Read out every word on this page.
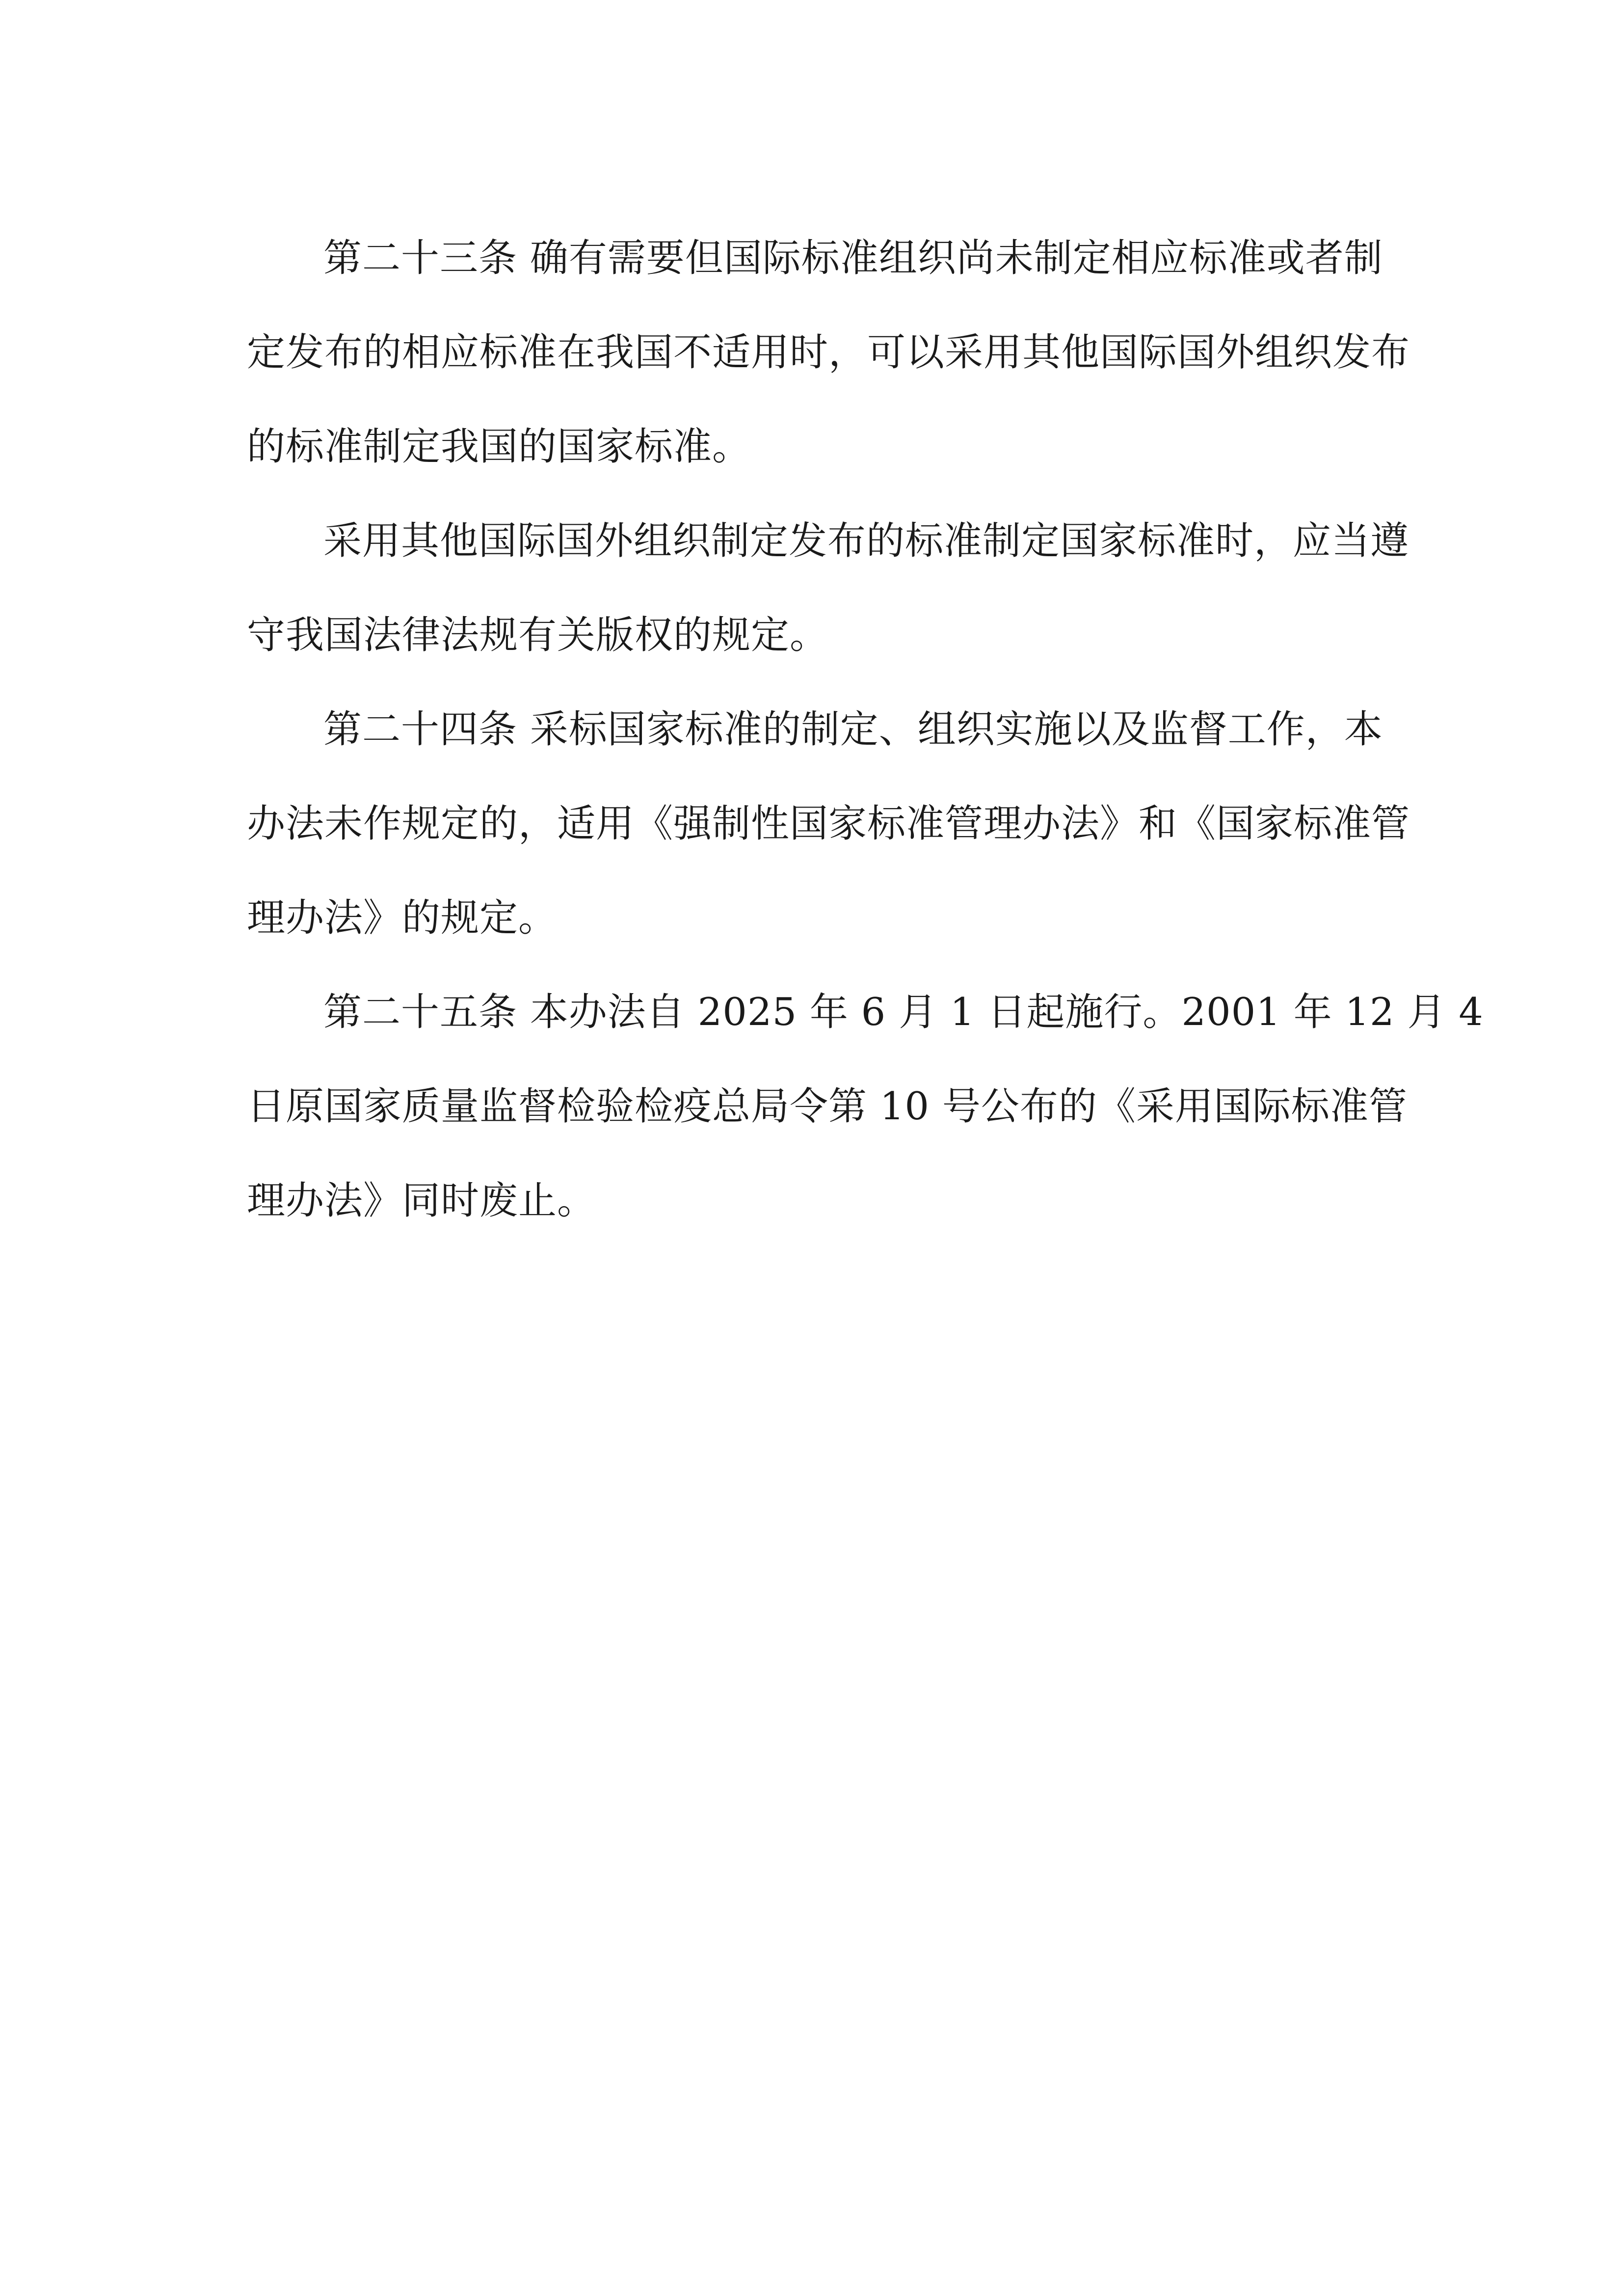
第二十三条 确有需要但国际标准组织尚未制定相应标准或者制
定发布的相应标准在我国不适用时，可以采用其他国际国外组织发布
的标准制定我国的国家标准。
采用其他国际国外组织制定发布的标准制定国家标准时，应当遵
守我国法律法规有关版权的规定。
第二十四条 采标国家标准的制定、组织实施以及监督工作，本
办法未作规定的，适用《强制性国家标准管理办法》和《国家标准管
理办法》的规定。
第二十五条 本办法自 2025 年 6 月 1 日起施行。2001 年 12 月 4
日原国家质量监督检验检疫总局令第 10 号公布的《采用国际标准管
理办法》同时废止。
